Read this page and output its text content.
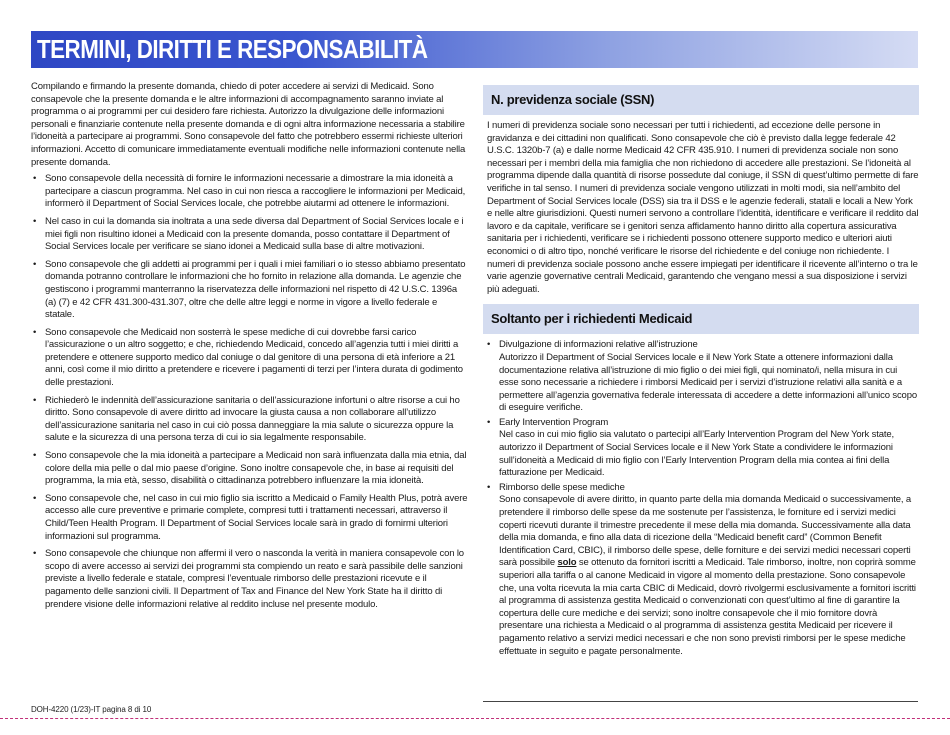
TERMINI, DIRITTI E RESPONSABILITÀ

Compilando e firmando la presente domanda, chiedo di poter accedere ai servizi di Medicaid. Sono consapevole che la presente domanda e le altre informazioni di accompagnamento saranno inviate al programma o ai programmi per cui desidero fare richiesta. Autorizzo la divulgazione delle informazioni personali e finanziarie contenute nella presente domanda e di ogni altra informazione necessaria a stabilire l’idoneità a partecipare ai programmi. Sono consapevole del fatto che potrebbero essermi richieste ulteriori informazioni. Accetto di comunicare immediatamente eventuali modifiche nelle informazioni contenute nella presente domanda.

• Sono consapevole della necessità di fornire le informazioni necessarie a dimostrare la mia idoneità a partecipare a ciascun programma. Nel caso in cui non riesca a raccogliere le informazioni per Medicaid, informerò il Department of Social Services locale, che potrebbe aiutarmi ad ottenere le informazioni.
• Nel caso in cui la domanda sia inoltrata a una sede diversa dal Department of Social Services locale e i miei figli non risultino idonei a Medicaid con la presente domanda, posso contattare il Department of Social Services locale per verificare se siano idonei a Medicaid sulla base di altre motivazioni.
• Sono consapevole che gli addetti ai programmi per i quali i miei familiari o io stesso abbiamo presentato domanda potranno controllare le informazioni che ho fornito in relazione alla domanda. Le agenzie che gestiscono i programmi manterranno la riservatezza delle informazioni nel rispetto di 42 U.S.C. 1396a (a) (7) e 42 CFR 431.300-431.307, oltre che delle altre leggi e norme in vigore a livello federale e statale.
• Sono consapevole che Medicaid non sosterrà le spese mediche di cui dovrebbe farsi carico l’assicurazione o un altro soggetto; e che, richiedendo Medicaid, concedo all’agenzia tutti i miei diritti a pretendere e ottenere supporto medico dal coniuge o dal genitore di una persona di età inferiore a 21 anni, così come il mio diritto a pretendere e ricevere i pagamenti di terzi per l’intera durata di godimento delle prestazioni.
• Richiederò le indennità dell’assicurazione sanitaria o dell’assicurazione infortuni o altre risorse a cui ho diritto. Sono consapevole di avere diritto ad invocare la giusta causa a non collaborare all’utilizzo dell’assicurazione sanitaria nel caso in cui ciò possa danneggiare la mia salute o sicurezza oppure la salute e la sicurezza di una persona terza di cui io sia legalmente responsabile.
• Sono consapevole che la mia idoneità a partecipare a Medicaid non sarà influenzata dalla mia etnia, dal colore della mia pelle o dal mio paese d’origine. Sono inoltre consapevole che, in base ai requisiti del programma, la mia età, sesso, disabilità o cittadinanza potrebbero influenzare la mia idoneità.
• Sono consapevole che, nel caso in cui mio figlio sia iscritto a Medicaid o Family Health Plus, potrà avere accesso alle cure preventive e primarie complete, compresi tutti i trattamenti necessari, attraverso il Child/Teen Health Program. Il Department of Social Services locale sarà in grado di fornirmi ulteriori informazioni sul programma.
• Sono consapevole che chiunque non affermi il vero o nasconda la verità in maniera consapevole con lo scopo di avere accesso ai servizi dei programmi sta compiendo un reato e sarà passibile delle sanzioni previste a livello federale e statale, compresi l’eventuale rimborso delle prestazioni ricevute e il pagamento delle sanzioni civili. Il Department of Tax and Finance del New York State ha il diritto di prendere visione delle informazioni relative al reddito incluse nel presente modulo.
N. previdenza sociale (SSN)

I numeri di previdenza sociale sono necessari per tutti i richiedenti, ad eccezione delle persone in gravidanza e dei cittadini non qualificati. Sono consapevole che ciò è previsto dalla legge federale 42 U.S.C. 1320b-7 (a) e dalle norme Medicaid 42 CFR 435.910. I numeri di previdenza sociale non sono necessari per i membri della mia famiglia che non richiedono di accedere alle prestazioni. Se l’idoneità al programma dipende dalla quantità di risorse possedute dal coniuge, il SSN di quest’ultimo permette di fare verifiche in tal senso. I numeri di previdenza sociale vengono utilizzati in molti modi, sia nell’ambito del Department of Social Services locale (DSS) sia tra il DSS e le agenzie federali, statali e locali a New York e nelle altre giurisdizioni. Questi numeri servono a controllare l’identità, identificare e verificare il reddito dal lavoro e da capitale, verificare se i genitori senza affidamento hanno diritto alla copertura assicurativa sanitaria per i richiedenti, verificare se i richiedenti possono ottenere supporto medico e ulteriori aiuti economici o di altro tipo, nonché verificare le risorse del richiedente e del coniuge non richiedente. I numeri di previdenza sociale possono anche essere impiegati per identificare il ricevente all’interno o tra le varie agenzie governative centrali Medicaid, garantendo che vengano messi a sua disposizione i servizi più adeguati.

Soltanto per i richiedenti Medicaid
• Divulgazione di informazioni relative all’istruzione
Autorizzo il Department of Social Services locale e il New York State a ottenere informazioni dalla documentazione relativa all’istruzione di mio figlio o dei miei figli, qui nominato/i, nella misura in cui esse sono necessarie a richiedere i rimborsi Medicaid per i servizi d’istruzione relativi alla sanità e a permettere all’agenzia governativa federale interessata di accedere a dette informazioni all’unico scopo di eseguire verifiche.
• Early Intervention Program
Nel caso in cui mio figlio sia valutato o partecipi all’Early Intervention Program del New York state, autorizzo il Department of Social Services locale e il New York State a condividere le informazioni sull’idoneità a Medicaid di mio figlio con l’Early Intervention Program della mia contea ai fini della fatturazione per Medicaid.
• Rimborso delle spese mediche
Sono consapevole di avere diritto, in quanto parte della mia domanda Medicaid o successivamente, a pretendere il rimborso delle spese da me sostenute per l’assistenza, le forniture ed i servizi medici coperti ricevuti durante il trimestre precedente il mese della mia domanda. Successivamente alla data della mia domanda, e fino alla data di ricezione della “Medicaid benefit card” (Common Benefit Identification Card, CBIC), il rimborso delle spese, delle forniture e dei servizi medici necessari coperti sarà possibile solo se ottenuto da fornitori iscritti a Medicaid. Tale rimborso, inoltre, non coprirà somme superiori alla tariffa o al canone Medicaid in vigore al momento della prestazione. Sono consapevole che, una volta ricevuta la mia carta CBIC di Medicaid, dovrò rivolgermi esclusivamente a fornitori iscritti al programma di assistenza gestita Medicaid o convenzionati con quest’ultimo al fine di garantire la copertura delle cure mediche e dei servizi; sono inoltre consapevole che il mio fornitore dovrà presentare una richiesta a Medicaid o al programma di assistenza gestita Medicaid per ricevere il pagamento relativo a servizi medici necessari e che non sono previsti rimborsi per le spese mediche effettuate in seguito e pagate personalmente.
DOH-4220 (1/23)-IT pagina 8 di 10
